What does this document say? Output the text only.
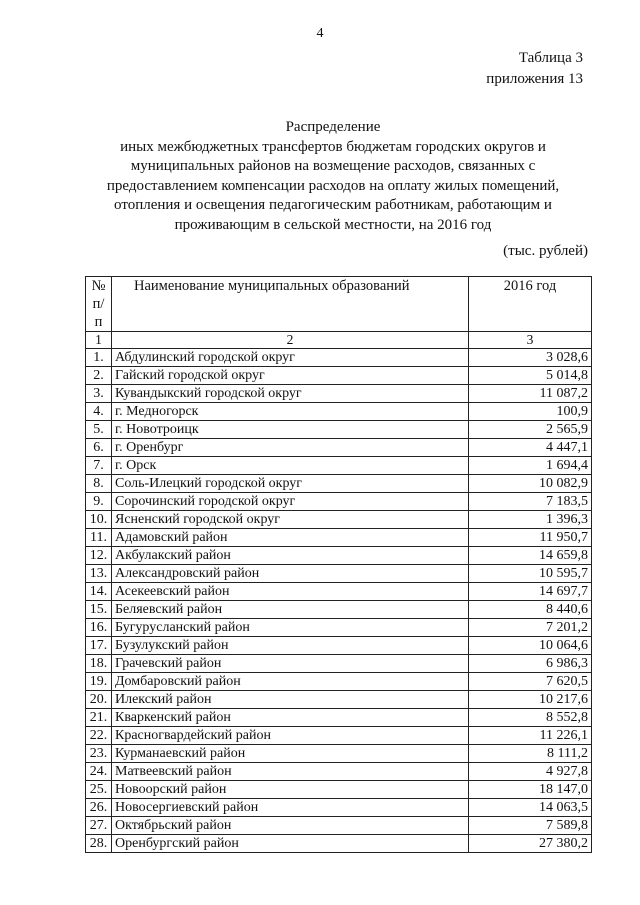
4
Таблица 3
приложения 13
Распределение
иных межбюджетных трансфертов бюджетам городских округов и
муниципальных районов на возмещение расходов, связанных с
предоставлением компенсации расходов на оплату жилых помещений,
отопления и освещения педагогическим работникам, работающим и
проживающим в сельской местности, на 2016 год
(тыс. рублей)
№
п/п	Наименование муниципальных образований	2016 год
1	2	3
1.	Абдулинский городской округ	3 028,6
2.	Гайский городской округ	5 014,8
3.	Кувандыкский городской округ	11 087,2
4.	г. Медногорск	100,9
5.	г. Новотроицк	2 565,9
6.	г. Оренбург	4 447,1
7.	г. Орск	1 694,4
8.	Соль-Илецкий городской округ	10 082,9
9.	Сорочинский городской округ	7 183,5
10.	Ясненский городской округ	1 396,3
11.	Адамовский район	11 950,7
12.	Акбулакский район	14 659,8
13.	Александровский район	10 595,7
14.	Асекеевский район	14 697,7
15.	Беляевский район	8 440,6
16.	Бугурусланский район	7 201,2
17.	Бузулукский район	10 064,6
18.	Грачевский район	6 986,3
19.	Домбаровский район	7 620,5
20.	Илекский район	10 217,6
21.	Кваркенский район	8 552,8
22.	Красногвардейский район	11 226,1
23.	Курманаевский район	8 111,2
24.	Матвеевский район	4 927,8
25.	Новоорский район	18 147,0
26.	Новосергиевский район	14 063,5
27.	Октябрьский район	7 589,8
28.	Оренбургский район	27 380,2
